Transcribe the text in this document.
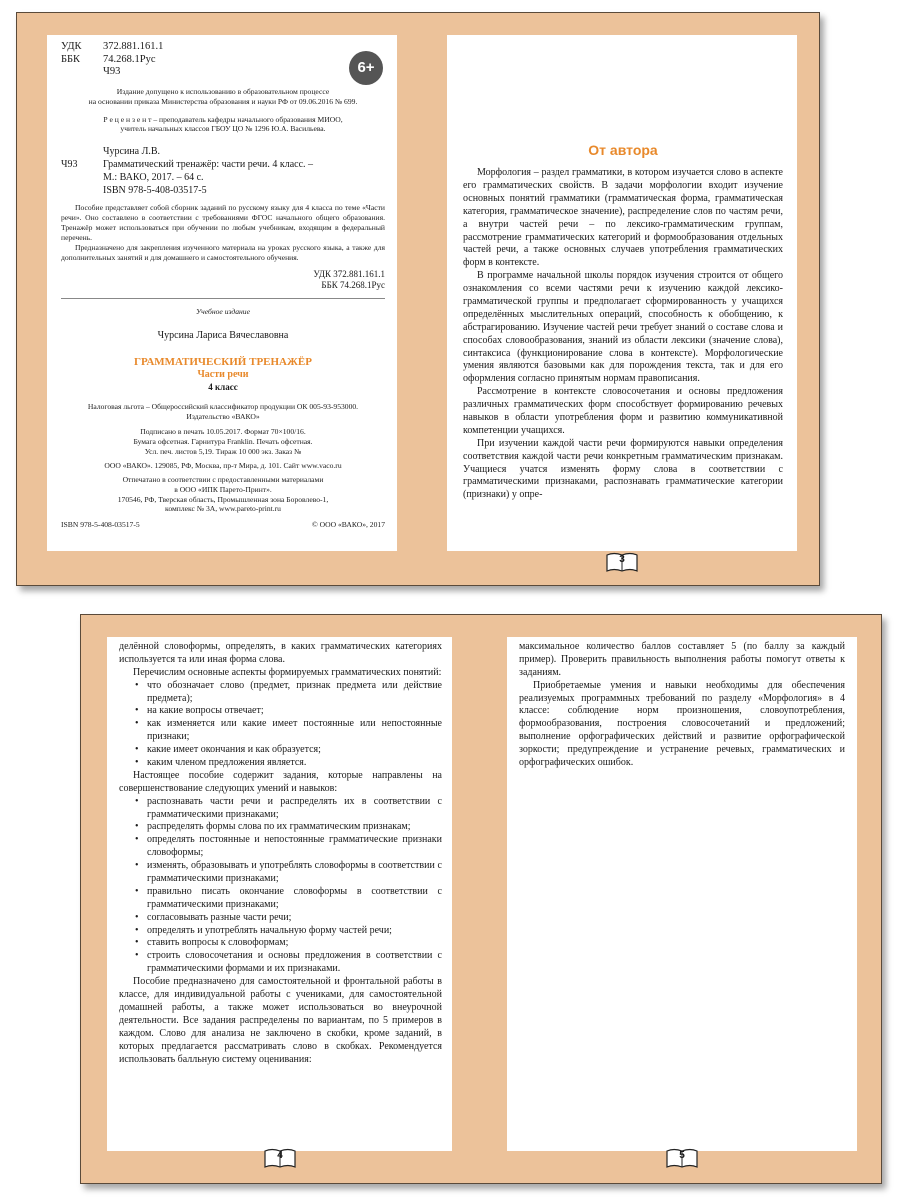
УДК	372.881.161.1
ББК	74.268.1Рус
Ч93	6+

Издание допущено к использованию в образовательном процессе

на основании приказа Министерства образования и науки РФ от 09.06.2016 № 699.

Р е ц е н з е н т – преподаватель кафедры начального образования МИОО,

учитель начальных классов ГБОУ ЦО № 1296 Ю.А. Васильева.

Чурсина Л.В.
Ч93	Грамматический тренажёр: части речи. 4 класс. –
М.: ВАКО, 2017. – 64 с.
ISBN 978-5-408-03517-5

Пособие представляет собой сборник заданий по русскому языку для 4 класса по теме «Части речи». Оно составлено в соответствии с требованиями ФГОС начального общего образования. Тренажёр может использоваться при обучении по любым учебникам, входящим в федеральный перечень.

Предназначено для закрепления изученного материала на уроках русского языка, а также для дополнительных занятий и для домашнего и самостоятельного обучения.

УДК 372.881.161.1

ББК 74.268.1Рус

Учебное издание

Чурсина Лариса Вячеславовна

ГРАММАТИЧЕСКИЙ ТРЕНАЖЁР

Части речи

4 класс

Налоговая льгота – Общероссийский классификатор продукции ОК 005-93-953000.

Издательство «ВАКО»

Подписано в печать 10.05.2017. Формат 70×100/16.

Бумага офсетная. Гарнитура Franklin. Печать офсетная.

Усл. печ. листов 5,19. Тираж 10 000 экз. Заказ №

ООО «ВАКО». 129085, РФ, Москва, пр-т Мира, д. 101. Сайт www.vaco.ru

Отпечатано в соответствии с предоставленными материалами

в ООО «ИПК Парето-Принт».

170546, РФ, Тверская область, Промышленная зона Боровлево-1,

комплекс № 3А, www.pareto-print.ru

ISBN 978-5-408-03517-5	© ООО «ВАКО», 2017
От автора

Морфология – раздел грамматики, в котором изучается слово в аспекте его грамматических свойств. В задачи морфологии входит изучение основных понятий грамматики (грамматическая форма, грамматическая категория, грамматическое значение), распределение слов по частям речи, а внутри частей речи – по лексико-грамматическим группам, рассмотрение грамматических категорий и формообразования отдельных частей речи, а также основных случаев употребления грамматических форм в контексте.

В программе начальной школы порядок изучения строится от общего ознакомления со всеми частями речи к изучению каждой лексико-грамматической группы и предполагает сформированность у учащихся определённых мыслительных операций, способность к обобщению, к абстрагированию. Изучение частей речи требует знаний о составе слова и способах словообразования, знаний из области лексики (значение слова), синтаксиса (функционирование слова в контексте). Морфологические умения являются базовыми как для порождения текста, так и для его оформления согласно принятым нормам правописания.

Рассмотрение в контексте словосочетания и основы предложения различных грамматических форм способствует формированию речевых навыков в области употребления форм и развитию коммуникативной компетенции учащихся.

При изучении каждой части речи формируются навыки определения соответствия каждой части речи конкретным грамматическим признакам. Учащиеся учатся изменять форму слова в соответствии с грамматическими признаками, распознавать грамматические категории (признаки) у опре-

3

делённой словоформы, определять, в каких грамматических категориях используется та или иная форма слова.

Перечислим основные аспекты формируемых грамматических понятий:

• что обозначает слово (предмет, признак предмета или действие предмета);
• на какие вопросы отвечает;
• как изменяется или какие имеет постоянные или непостоянные признаки;
• какие имеет окончания и как образуется;
• каким членом предложения является.

Настоящее пособие содержит задания, которые направлены на совершенствование следующих умений и навыков:

• распознавать части речи и распределять их в соответствии с грамматическими признаками;
• распределять формы слова по их грамматическим признакам;
• определять постоянные и непостоянные грамматические признаки словоформы;
• изменять, образовывать и употреблять словоформы в соответствии с грамматическими признаками;
• правильно писать окончание словоформы в соответствии с грамматическими признаками;
• согласовывать разные части речи;
• определять и употреблять начальную форму частей речи;
• ставить вопросы к словоформам;
• строить словосочетания и основы предложения в соответствии с грамматическими формами и их признаками.

Пособие предназначено для самостоятельной и фронтальной работы в классе, для индивидуальной работы с учениками, для самостоятельной домашней работы, а также может использоваться во внеурочной деятельности. Все задания распределены по вариантам, по 5 примеров в каждом. Слово для анализа не заключено в скобки, кроме заданий, в которых предлагается рассматривать слово в скобках. Рекомендуется использовать балльную систему оценивания:

4

максимальное количество баллов составляет 5 (по баллу за каждый пример). Проверить правильность выполнения работы помогут ответы к заданиям.

Приобретаемые умения и навыки необходимы для обеспечения реализуемых программных требований по разделу «Морфология» в 4 классе: соблюдение норм произношения, словоупотребления, формообразования, построения словосочетаний и предложений; выполнение орфографических действий и развитие орфографической зоркости; предупреждение и устранение речевых, грамматических и орфографических ошибок.

5
